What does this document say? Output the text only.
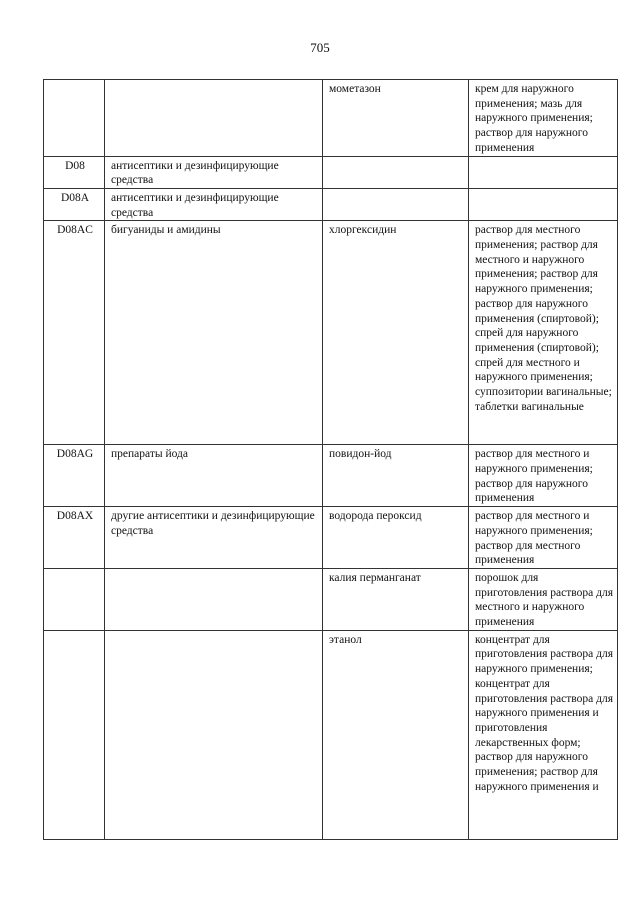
705
		мометазон	крем для наружного применения; мазь для наружного применения; раствор для наружного применения
D08	антисептики и дезинфицирующие средства		
D08A	антисептики и дезинфицирующие средства		
D08AC	бигуаниды и амидины	хлоргексидин	раствор для местного применения; раствор для местного и наружного применения; раствор для наружного применения; раствор для наружного применения (спиртовой); спрей для наружного применения (спиртовой); спрей для местного и наружного применения; суппозитории вагинальные; таблетки вагинальные
D08AG	препараты йода	повидон-йод	раствор для местного и наружного применения; раствор для наружного применения
D08AX	другие антисептики и дезинфицирующие средства	водорода пероксид	раствор для местного и наружного применения; раствор для местного применения
		калия перманганат	порошок для приготовления раствора для местного и наружного применения
		этанол	концентрат для приготовления раствора для наружного применения; концентрат для приготовления раствора для наружного применения и приготовления лекарственных форм; раствор для наружного применения; раствор для наружного применения и
